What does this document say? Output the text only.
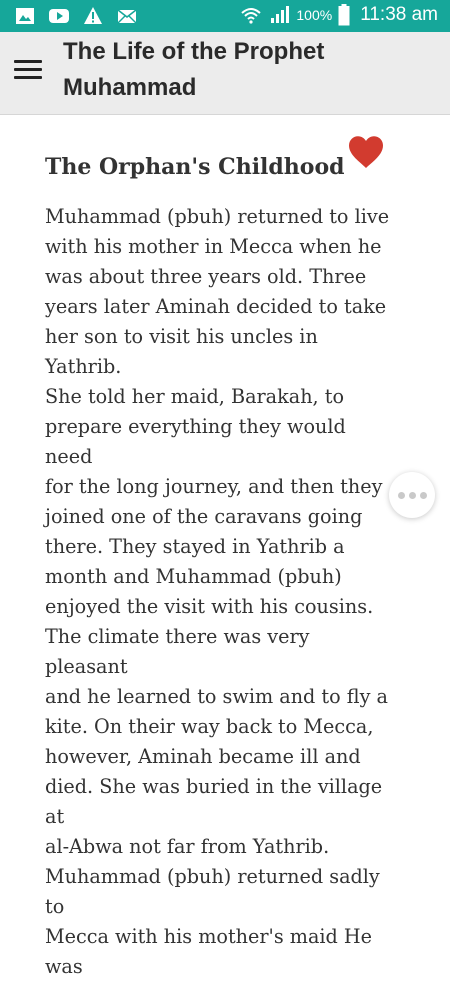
100% 11:38 am
The Life of the Prophet Muhammad
The Orphan's Childhood

Muhammad (pbuh) returned to live
with his mother in Mecca when he
was about three years old. Three
years later Aminah decided to take
her son to visit his uncles in Yathrib.
She told her maid, Barakah, to
prepare everything they would need
for the long journey, and then they
joined one of the caravans going
there. They stayed in Yathrib a
month and Muhammad (pbuh)
enjoyed the visit with his cousins.
The climate there was very pleasant
and he learned to swim and to fly a
kite. On their way back to Mecca,
however, Aminah became ill and
died. She was buried in the village at
al-Abwa not far from Yathrib.
Muhammad (pbuh) returned sadly to
Mecca with his mother's maid He was
